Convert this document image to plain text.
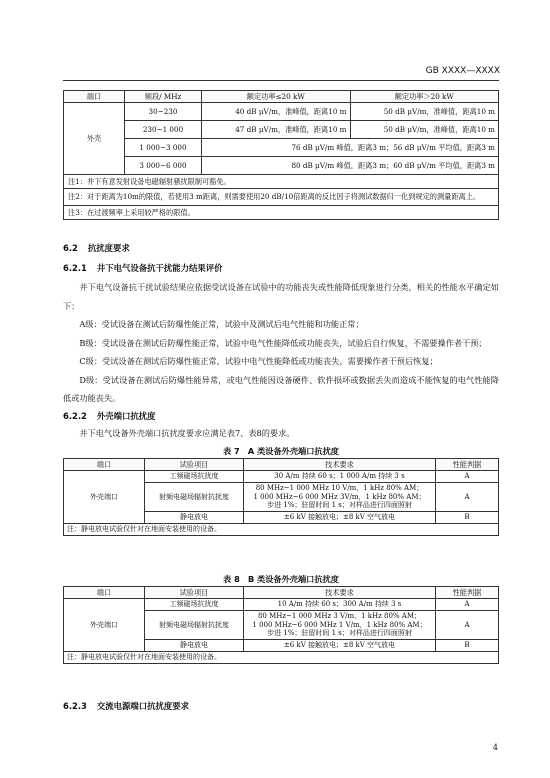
GB XXXX—XXXX
端口	频段/ MHz	额定功率≤20 kW	额定功率＞20 kW
外壳	30~230	40 dB μV/m，准峰值，距离10 m	50 dB μV/m，准峰值，距离10 m
	230~1 000	47 dB μV/m，准峰值，距离10 m	50 dB μV/m，准峰值，距离10 m
	1 000~3 000	76 dB μV/m 峰值，距离3 m；56 dB μV/m 平均值，距离3 m	
	3 000~6 000	80 dB μV/m 峰值，距离3 m；60 dB μV/m 平均值，距离3 m	
注1：井下有意发射设备电磁辐射骚扰限制可豁免。			
注2：对于距离为10m的限值，若使用3 m距离，则需要使用20 dB/10倍距离的反比因子将测试数据归一化到规定的测量距离上。			
注3：在过渡频率上采用较严格的限值。			
6.2 抗扰度要求
6.2.1 井下电气设备抗干扰能力结果评价

井下电气设备抗干扰试验结果应依据受试设备在试验中的功能丧失或性能降低现象进行分类，相关的性能水平确定如下：

A级：受试设备在测试后防爆性能正常，试验中及测试后电气性能和功能正常；

B级：受试设备在测试后防爆性能正常，试验中电气性能降低或功能丧失，试验后自行恢复，不需要操作者干预；

C级：受试设备在测试后防爆性能正常，试验中电气性能降低或功能丧失，需要操作者干预后恢复；

D级：受试设备在测试后防爆性能异常，或电气性能因设备硬件、软件损坏或数据丢失而造成不能恢复的电气性能降低或功能丧失。

6.2.2 外壳端口抗扰度

井下电气设备外壳端口抗扰度要求应满足表7、表8的要求。

表 7　A 类设备外壳端口抗扰度
端口	试验项目	技术要求	性能判据
外壳端口	工频磁场抗扰度	30 A/m 持续 60 s；1 000 A/m 持续 3 s	A
	射频电磁场辐射抗扰度	80 MHz~1 000 MHz 10 V/m，1 kHz 80% AM；
1 000 MHz~6 000 MHz 3V/m，1 kHz 80% AM；
步进 1%；驻留时间 1 s；对样品进行四面照射	A
	静电放电	±6 kV 接触放电；±8 kV 空气放电	B
注：静电放电试验仅针对在地面安装使用的设备。			
表 8　B 类设备外壳端口抗扰度
端口	试验项目	技术要求	性能判据
外壳端口	工频磁场抗扰度	10 A/m 持续 60 s；300 A/m 持续 3 s	A
	射频电磁场辐射抗扰度	80 MHz~1 000 MHz 3 V/m，1 kHz 80% AM；
1 000 MHz~6 000 MHz 1 V/m，1 kHz 80% AM；
步进 1%；驻留时间 1 s；对样品进行四面照射	A
	静电放电	±6 kV 接触放电；±8 kV 空气放电	B
注：静电放电试验仅针对在地面安装使用的设备。			
6.2.3 交流电源端口抗扰度要求
4
